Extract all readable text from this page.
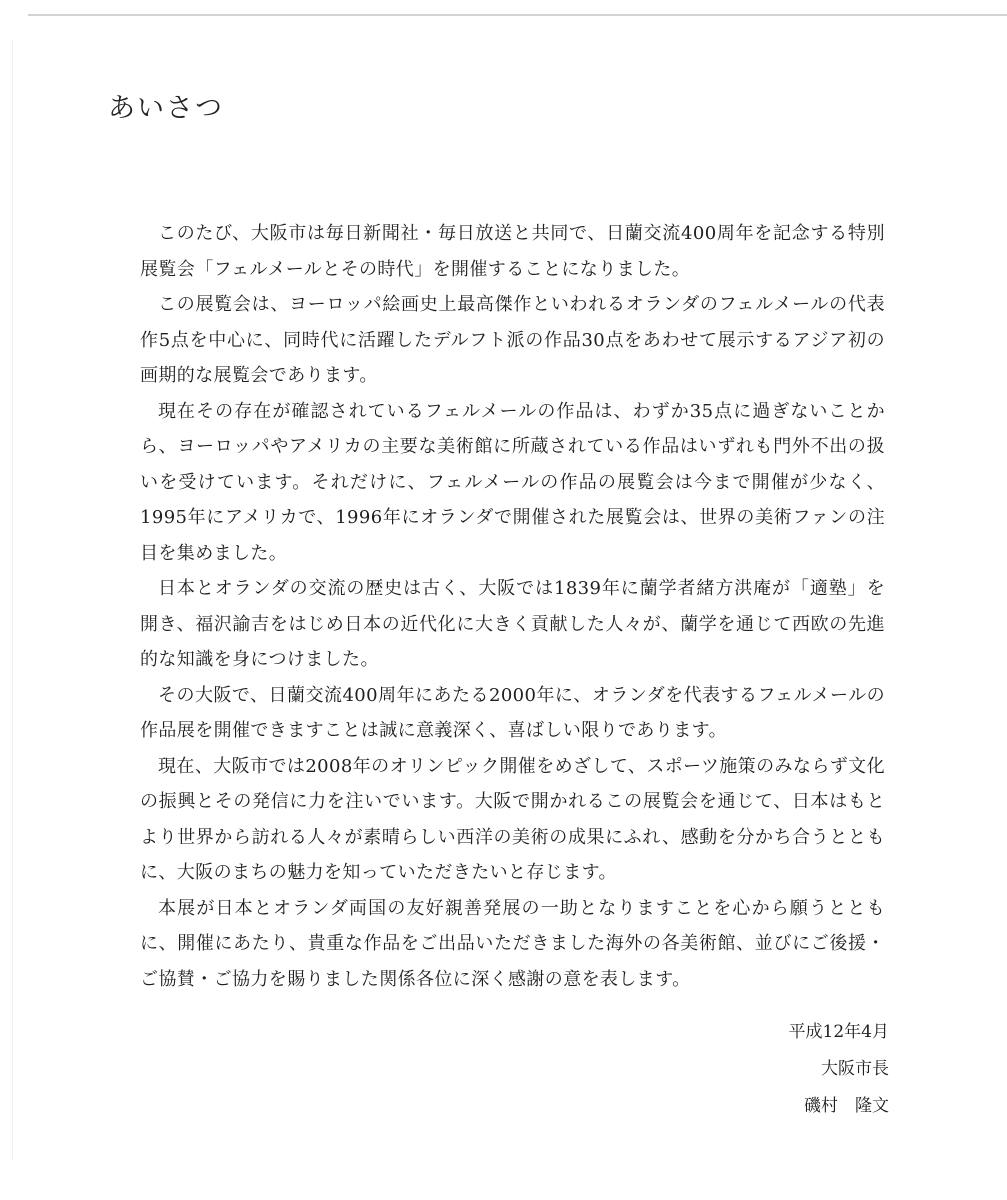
あいさつ

このたび、大阪市は毎日新聞社・毎日放送と共同で、日蘭交流400周年を記念する特別展覧会「フェルメールとその時代」を開催することになりました。

この展覧会は、ヨーロッパ絵画史上最高傑作といわれるオランダのフェルメールの代表作5点を中心に、同時代に活躍したデルフト派の作品30点をあわせて展示するアジア初の画期的な展覧会であります。

現在その存在が確認されているフェルメールの作品は、わずか35点に過ぎないことから、ヨーロッパやアメリカの主要な美術館に所蔵されている作品はいずれも門外不出の扱いを受けています。それだけに、フェルメールの作品の展覧会は今まで開催が少なく、1995年にアメリカで、1996年にオランダで開催された展覧会は、世界の美術ファンの注目を集めました。

日本とオランダの交流の歴史は古く、大阪では1839年に蘭学者緒方洪庵が「適塾」を開き、福沢諭吉をはじめ日本の近代化に大きく貢献した人々が、蘭学を通じて西欧の先進的な知識を身につけました。

その大阪で、日蘭交流400周年にあたる2000年に、オランダを代表するフェルメールの作品展を開催できますことは誠に意義深く、喜ばしい限りであります。

現在、大阪市では2008年のオリンピック開催をめざして、スポーツ施策のみならず文化の振興とその発信に力を注いでいます。大阪で開かれるこの展覧会を通じて、日本はもとより世界から訪れる人々が素晴らしい西洋の美術の成果にふれ、感動を分かち合うとともに、大阪のまちの魅力を知っていただきたいと存じます。

本展が日本とオランダ両国の友好親善発展の一助となりますことを心から願うとともに、開催にあたり、貴重な作品をご出品いただきました海外の各美術館、並びにご後援・ご協賛・ご協力を賜りました関係各位に深く感謝の意を表します。

平成12年4月
大阪市長
磯村　隆文
